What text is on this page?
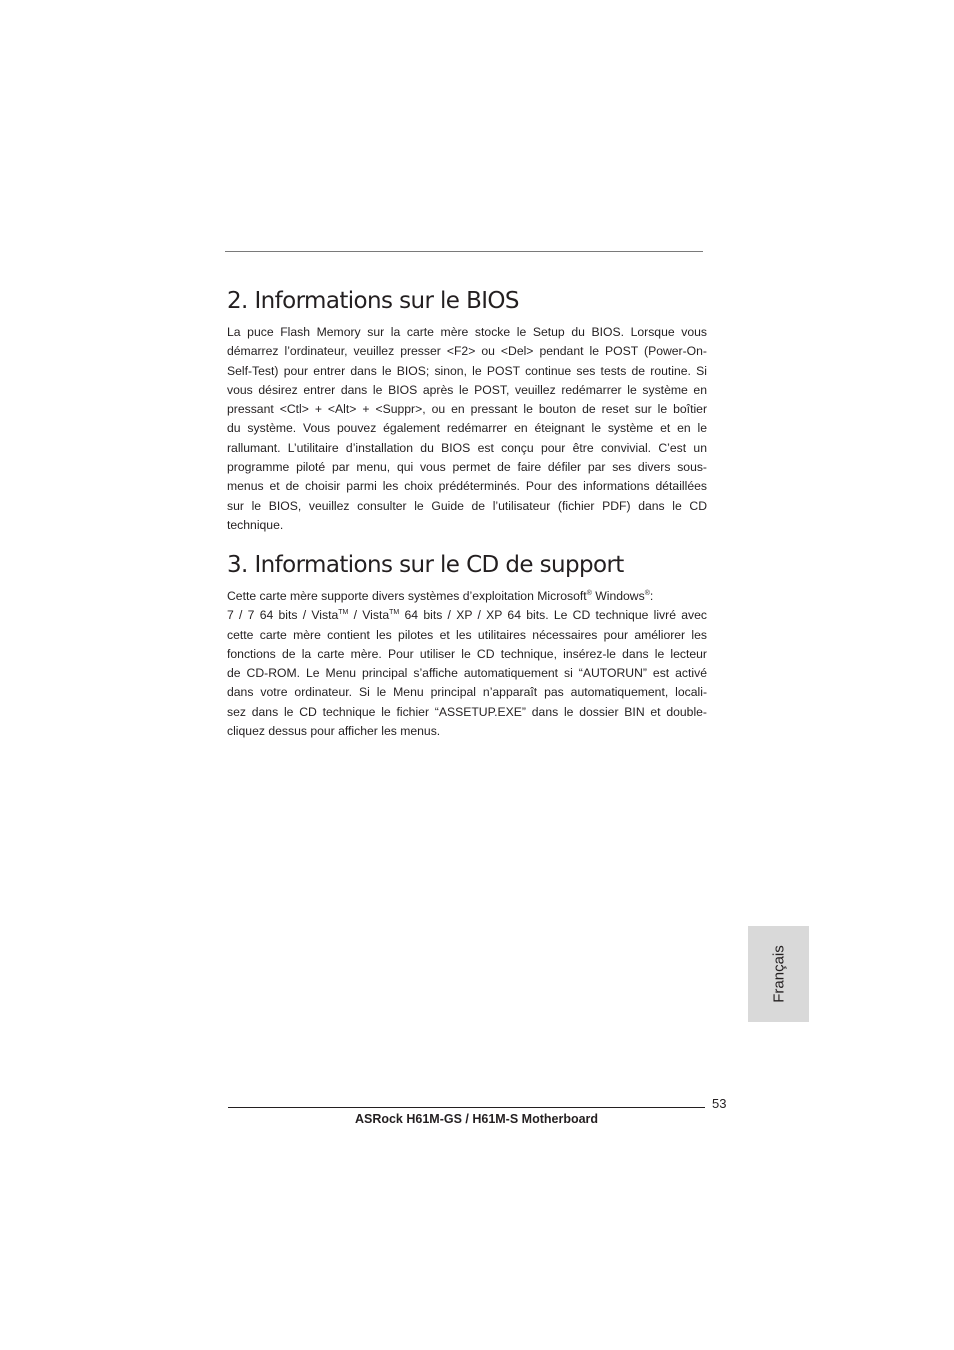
2. Informations sur le BIOS

La puce Flash Memory sur la carte mère stocke le Setup du BIOS. Lorsque vous
démarrez l’ordinateur, veuillez presser <F2> ou <Del> pendant le POST (Power-On-
Self-Test) pour entrer dans le BIOS; sinon, le POST continue ses tests de routine. Si
vous désirez entrer dans le BIOS après le POST, veuillez redémarrer le système en
pressant <Ctl> + <Alt> + <Suppr>, ou en pressant le bouton de reset sur le boîtier
du système. Vous pouvez également redémarrer en éteignant le système et en le
rallumant. L’utilitaire d’installation du BIOS est conçu pour être convivial. C’est un
programme piloté par menu, qui vous permet de faire défiler par ses divers sous-
menus et de choisir parmi les choix prédéterminés. Pour des informations détaillées
sur le BIOS, veuillez consulter le Guide de l’utilisateur (fichier PDF) dans le CD
technique.

3. Informations sur le CD de support

Cette carte mère supporte divers systèmes d’exploitation Microsoft® Windows®:
7 / 7 64 bits / Vista™ / Vista™ 64 bits / XP / XP 64 bits. Le CD technique livré avec
cette carte mère contient les pilotes et les utilitaires nécessaires pour améliorer les
fonctions de la carte mère. Pour utiliser le CD technique, insérez-le dans le lecteur
de CD-ROM. Le Menu principal s’affiche automatiquement si “AUTORUN” est activé
dans votre ordinateur. Si le Menu principal n’apparaît pas automatiquement, locali-
sez dans le CD technique le fichier “ASSETUP.EXE” dans le dossier BIN et double-
cliquez dessus pour afficher les menus.

Français
53
ASRock H61M-GS / H61M-S Motherboard
